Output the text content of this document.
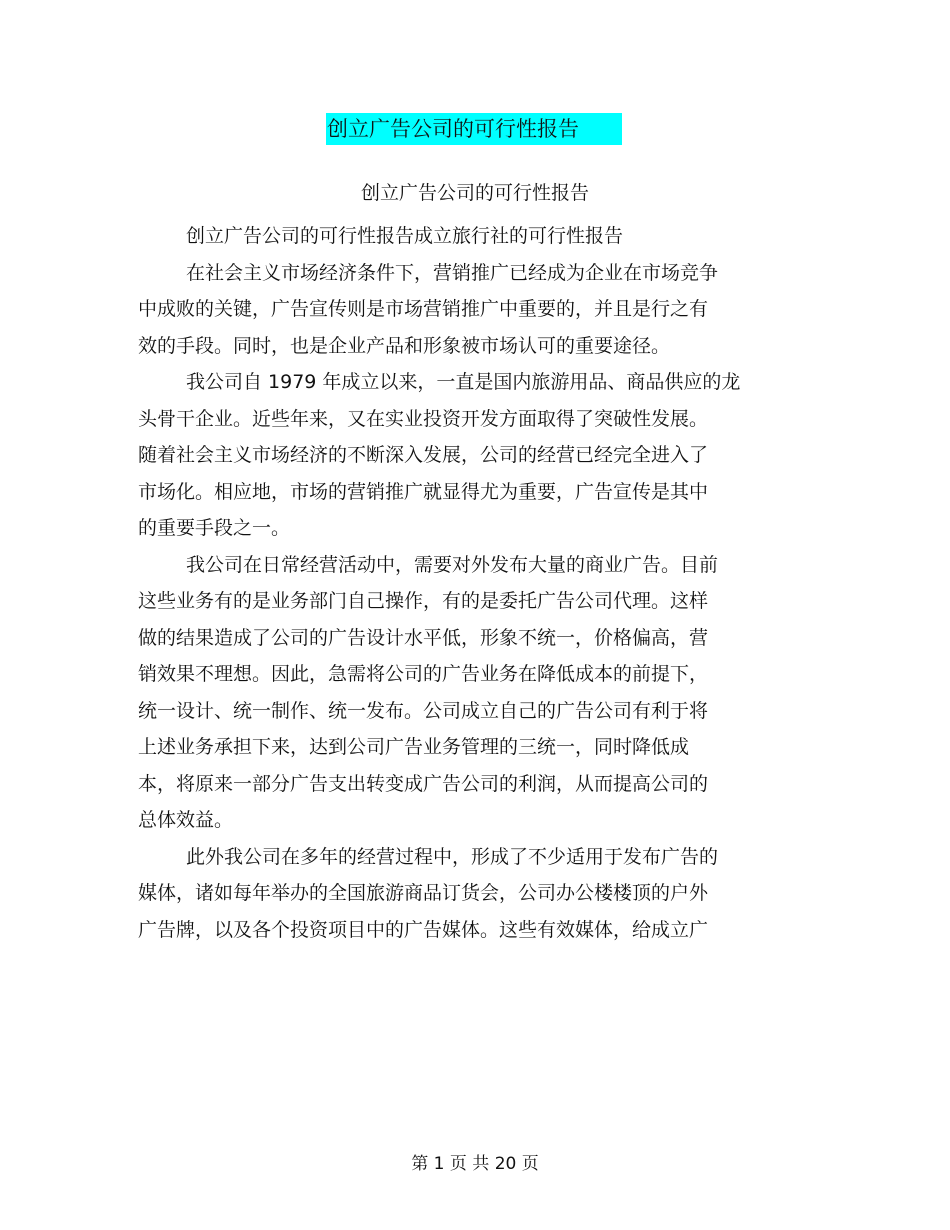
创立广告公司的可行性报告
创立广告公司的可行性报告
创立广告公司的可行性报告成立旅行社的可行性报告
在社会主义市场经济条件下，营销推广已经成为企业在市场竞争
中成败的关键，广告宣传则是市场营销推广中重要的，并且是行之有
效的手段。同时，也是企业产品和形象被市场认可的重要途径。
我公司自 1979 年成立以来，一直是国内旅游用品、商品供应的龙
头骨干企业。近些年来，又在实业投资开发方面取得了突破性发展。
随着社会主义市场经济的不断深入发展，公司的经营已经完全进入了
市场化。相应地，市场的营销推广就显得尤为重要，广告宣传是其中
的重要手段之一。
我公司在日常经营活动中，需要对外发布大量的商业广告。目前
这些业务有的是业务部门自己操作，有的是委托广告公司代理。这样
做的结果造成了公司的广告设计水平低，形象不统一，价格偏高，营
销效果不理想。因此，急需将公司的广告业务在降低成本的前提下，
统一设计、统一制作、统一发布。公司成立自己的广告公司有利于将
上述业务承担下来，达到公司广告业务管理的三统一，同时降低成
本，将原来一部分广告支出转变成广告公司的利润，从而提高公司的
总体效益。
此外我公司在多年的经营过程中，形成了不少适用于发布广告的
媒体，诸如每年举办的全国旅游商品订货会，公司办公楼楼顶的户外
广告牌，以及各个投资项目中的广告媒体。这些有效媒体，给成立广
第 1 页 共 20 页
